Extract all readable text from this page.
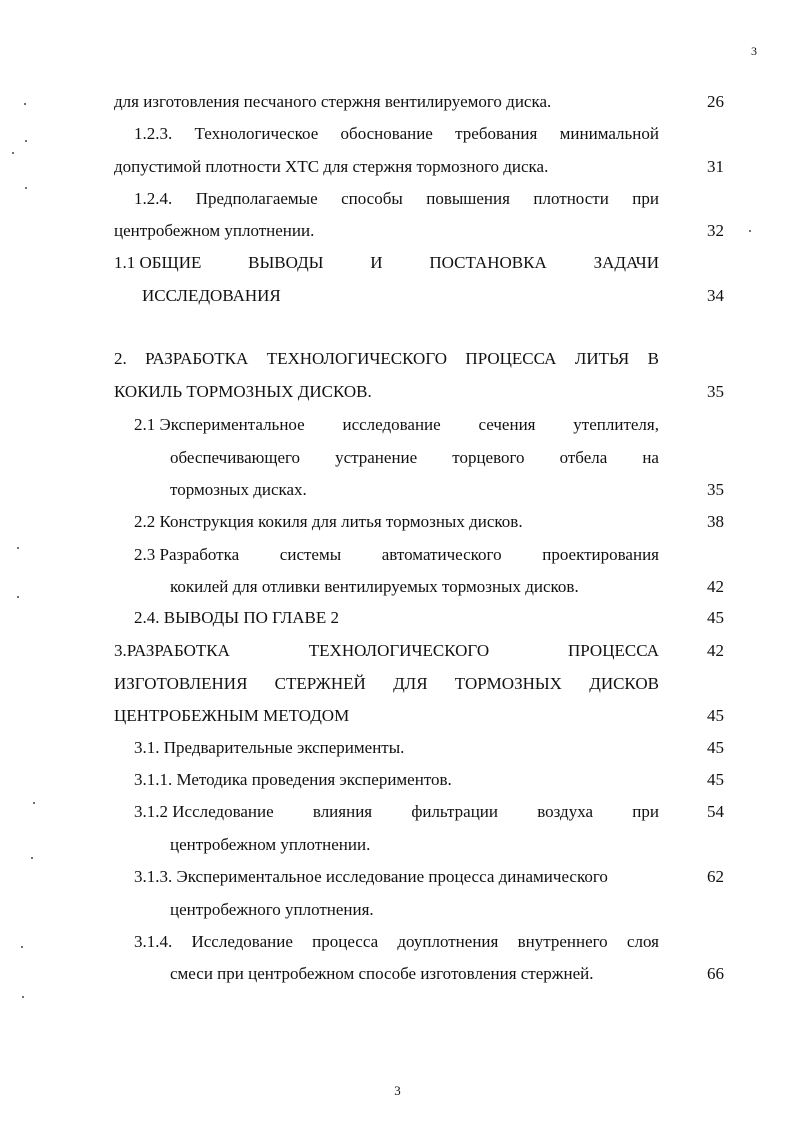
3
для изготовления песчаного стержня вентилируемого диска.	26
1.2.3. Технологическое обоснование требования минимальной
допустимой плотности ХТС для стержня тормозного диска.	31
1.2.4. Предполагаемые способы повышения плотности при
центробежном уплотнении.	32
1.1 ОБЩИЕ	ВЫВОДЫ	И	ПОСТАНОВКА	ЗАДАЧИ
ИССЛЕДОВАНИЯ	34
2. РАЗРАБОТКА ТЕХНОЛОГИЧЕСКОГО ПРОЦЕССА ЛИТЬЯ В
КОКИЛЬ ТОРМОЗНЫХ ДИСКОВ.	35
2.1 Экспериментальное исследование сечения утеплителя,
обеспечивающего устранение торцевого отбела на
тормозных дисках.	35
2.2 Конструкция кокиля для литья тормозных дисков.	38
2.3 Разработка системы автоматического проектирования
кокилей для отливки вентилируемых тормозных дисков.	42
2.4. ВЫВОДЫ ПО ГЛАВЕ 2	45
3.РАЗРАБОТКА	ТЕХНОЛОГИЧЕСКОГО	ПРОЦЕССА	42
ИЗГОТОВЛЕНИЯ СТЕРЖНЕЙ ДЛЯ ТОРМОЗНЫХ ДИСКОВ
ЦЕНТРОБЕЖНЫМ МЕТОДОМ	45
3.1. Предварительные эксперименты.	45
3.1.1. Методика проведения экспериментов.	45
3.1.2 Исследование влияния фильтрации воздуха при	54
центробежном уплотнении.
3.1.3. Экспериментальное исследование процесса динамического	62
центробежного уплотнения.
3.1.4. Исследование процесса доуплотнения внутреннего слоя
смеси при центробежном способе изготовления стержней.	66
3
